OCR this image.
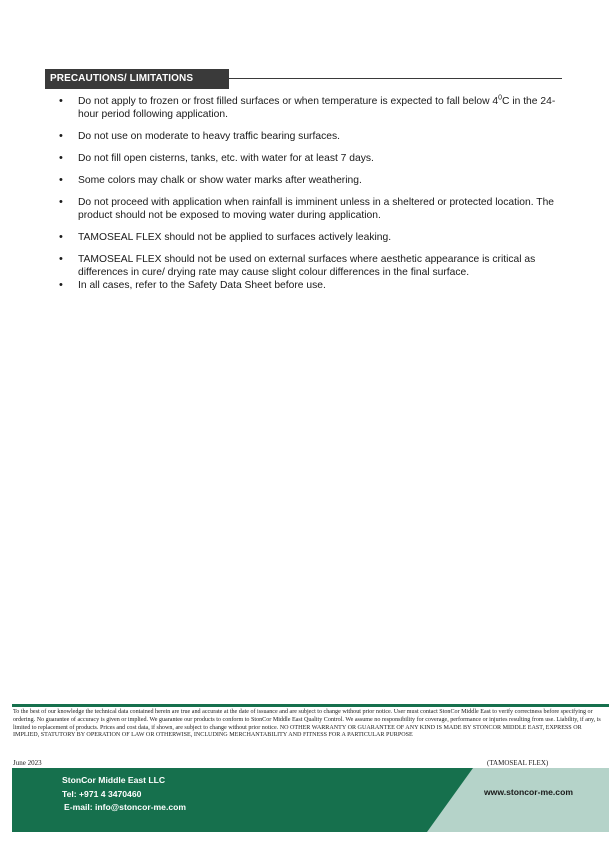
PRECAUTIONS/ LIMITATIONS
• Do not apply to frozen or frost filled surfaces or when temperature is expected to fall below $4^0C$ in the 24-hour period following application.
• Do not use on moderate to heavy traffic bearing surfaces.
• Do not fill open cisterns, tanks, etc. with water for at least 7 days.
• Some colors may chalk or show water marks after weathering.
• Do not proceed with application when rainfall is imminent unless in a sheltered or protected location. The product should not be exposed to moving water during application.
• TAMOSEAL FLEX should not be applied to surfaces actively leaking.
• TAMOSEAL FLEX should not be used on external surfaces where aesthetic appearance is critical as differences in cure/ drying rate may cause slight colour differences in the final surface.
• In all cases, refer to the Safety Data Sheet before use.
To the best of our knowledge the technical data contained herein are true and accurate at the date of issuance and are subject to change without prior notice. User must contact StonCor Middle East to verify correctness before specifying or ordering. No guarantee of accuracy is given or implied. We guarantee our products to conform to StonCor Middle East Quality Control. We assume no responsibility for coverage, performance or injuries resulting from use. Liability, if any, is limited to replacement of products. Prices and cost data, if shown, are subject to change without prior notice. NO OTHER WARRANTY OR GUARANTEE OF ANY KIND IS MADE BY STONCOR MIDDLE EAST, EXPRESS OR IMPLIED, STATUTORY BY OPERATION OF LAW OR OTHERWISE, INCLUDING MERCHANTABILITY AND FITNESS FOR A PARTICULAR PURPOSE
June 2023	(TAMOSEAL FLEX)
StonCor Middle East LLC
Tel: +971 4 3470460
E-mail: info@stoncor-me.com
www.stoncor-me.com
